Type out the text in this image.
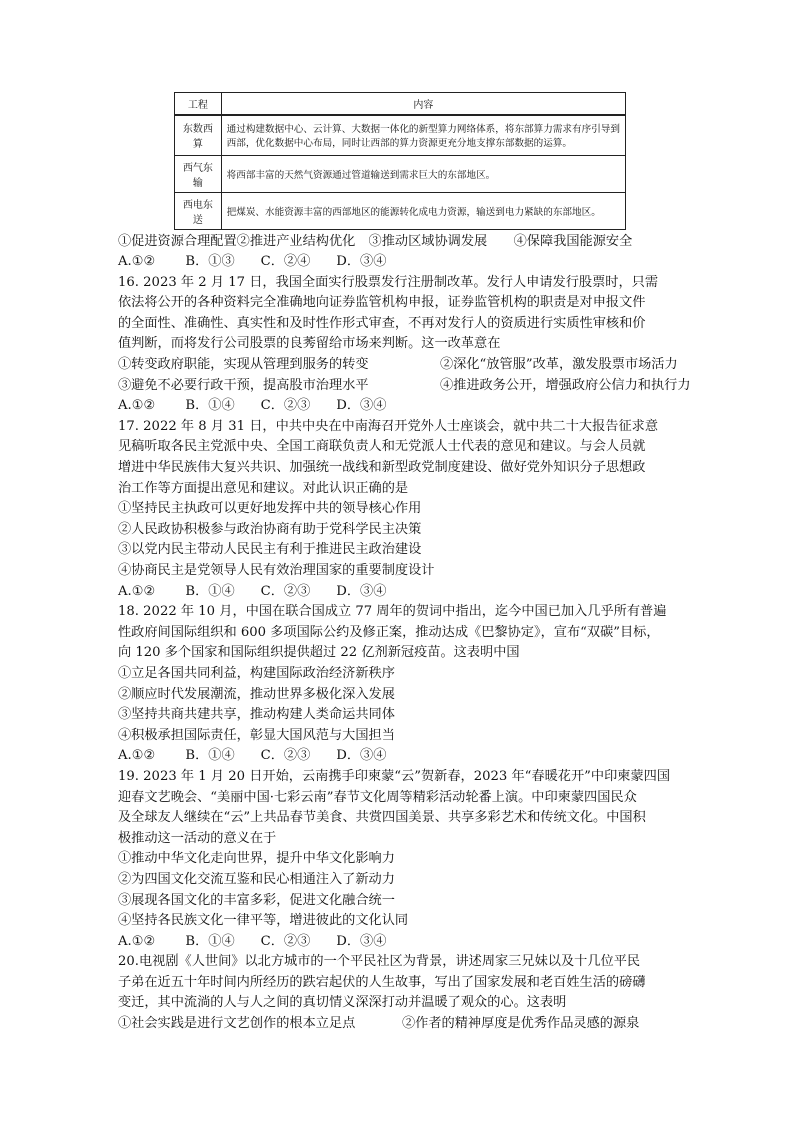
工程	内容
东数西算	通过构建数据中心、云计算、大数据一体化的新型算力网络体系，将东部算力需求有序引导到
西部，优化数据中心布局，同时让西部的算力资源更充分地支撑东部数据的运算。

西气东输	将西部丰富的天然气资源通过管道输送到需求巨大的东部地区。
西电东送	把煤炭、水能资源丰富的西部地区的能源转化成电力资源，输送到电力紧缺的东部地区。
①促进资源合理配置②推进产业结构优化　③推动区域协调发展　　④保障我国能源安全
A.①② B．①③ C．②④ D．③④
16. 2023 年 2 月 17 日，我国全面实行股票发行注册制改革。发行人申请发行股票时，只需
依法将公开的各种资料完全准确地向证券监管机构申报，证券监管机构的职责是对申报文件
的全面性、准确性、真实性和及时性作形式审查，不再对发行人的资质进行实质性审核和价
值判断，而将发行公司股票的良莠留给市场来判断。这一改革意在
①转变政府职能，实现从管理到服务的转变	②深化“放管服”改革，激发股票市场活力
③避免不必要行政干预，提高股市治理水平	④推进政务公开，增强政府公信力和执行力
A.①② B．①④ C．②③ D．③④
17. 2022 年 8 月 31 日，中共中央在中南海召开党外人士座谈会，就中共二十大报告征求意
见稿听取各民主党派中央、全国工商联负责人和无党派人士代表的意见和建议。与会人员就
增进中华民族伟大复兴共识、加强统一战线和新型政党制度建设、做好党外知识分子思想政
治工作等方面提出意见和建议。对此认识正确的是
①坚持民主执政可以更好地发挥中共的领导核心作用
②人民政协积极参与政治协商有助于党科学民主决策
③以党内民主带动人民民主有利于推进民主政治建设
④协商民主是党领导人民有效治理国家的重要制度设计
A.①② B．①④ C．②③ D．③④
18. 2022 年 10 月，中国在联合国成立 77 周年的贺词中指出，迄今中国已加入几乎所有普遍
性政府间国际组织和 600 多项国际公约及修正案，推动达成《巴黎协定》，宣布“双碳”目标，
向 120 多个国家和国际组织提供超过 22 亿剂新冠疫苗。这表明中国
①立足各国共同利益，构建国际政治经济新秩序
②顺应时代发展潮流，推动世界多极化深入发展
③坚持共商共建共享，推动构建人类命运共同体
④积极承担国际责任，彰显大国风范与大国担当
A.①② B．①④ C．②③ D．③④
19. 2023 年 1 月 20 日开始，云南携手印柬蒙“云”贺新春，2023 年“春暖花开”中印柬蒙四国
迎春文艺晚会、“美丽中国·七彩云南”春节文化周等精彩活动轮番上演。中印柬蒙四国民众
及全球友人继续在“云”上共品春节美食、共赏四国美景、共享多彩艺术和传统文化。中国积
极推动这一活动的意义在于
①推动中华文化走向世界，提升中华文化影响力
②为四国文化交流互鉴和民心相通注入了新动力
③展现各国文化的丰富多彩，促进文化融合统一
④坚持各民族文化一律平等，增进彼此的文化认同
A.①② B．①④ C．②③ D．③④
20.电视剧《人世间》以北方城市的一个平民社区为背景，讲述周家三兄妹以及十几位平民
子弟在近五十年时间内所经历的跌宕起伏的人生故事，写出了国家发展和老百姓生活的磅礴
变迁，其中流淌的人与人之间的真切情义深深打动并温暖了观众的心。这表明
①社会实践是进行文艺创作的根本立足点	②作者的精神厚度是优秀作品灵感的源泉
